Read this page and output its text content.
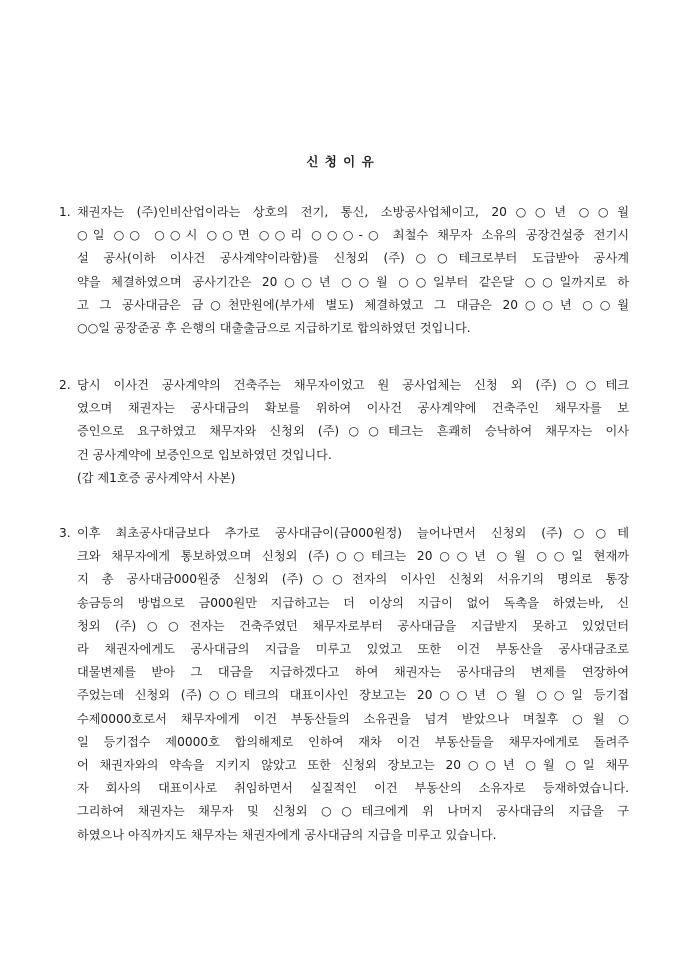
신 청 이 유
1. 채권자는 (주)인비산업이라는 상호의 전기, 통신, 소방공사업체이고, 20○○년 ○○월
○일 ○○ ○○시 ○○면 ○○리 ○○○-○ 최철수 채무자 소유의 공장건설중 전기시
설 공사(이하 이사건 공사계약이라함)를 신청외 (주)○○테크로부터 도급받아 공사계
약을 체결하였으며 공사기간은 20○○년 ○○월 ○○일부터 같은달 ○○일까지로 하
고 그 공사대금은 금○천만원에(부가세 별도) 체결하였고 그 대금은 20○○년 ○○월
○○일 공장준공 후 은행의 대출출금으로 지급하기로 합의하였던 것입니다.
2. 당시 이사건 공사계약의 건축주는 채무자이었고 원 공사업체는 신청 외 (주)○○테크
였으며 채권자는 공사대금의 확보를 위하여 이사건 공사계약에 건축주인 채무자를 보
증인으로 요구하였고 채무자와 신청외 (주)○○테크는 흔쾌히 승낙하여 채무자는 이사
건 공사계약에 보증인으로 입보하였던 것입니다.
(갑 제1호증 공사계약서 사본)
3. 이후 최초공사대금보다 추가로 공사대금이(금000원정) 늘어나면서 신청외 (주)○○테
크와 채무자에게 통보하였으며 신청외 (주)○○테크는 20○○년 ○월 ○○일 현재까
지 총 공사대금000원중 신청외 (주)○○전자의 이사인 신청외 서유기의 명의로 통장
송금등의 방법으로 금000원만 지급하고는 더 이상의 지급이 없어 독촉을 하였는바, 신
청외 (주)○○전자는 건축주였던 채무자로부터 공사대금을 지급받지 못하고 있었던터
라 채권자에게도 공사대금의 지급을 미루고 있었고 또한 이건 부동산을 공사대금조로
대물변제를 받아 그 대금을 지급하겠다고 하여 채권자는 공사대금의 변제를 연장하여
주었는데 신청외 (주)○○테크의 대표이사인 장보고는 20○○년 ○월 ○○일 등기접
수제0000호로서 채무자에게 이건 부동산들의 소유권을 넘겨 받았으나 며칠후 ○월 ○
일 등기접수 제0000호 합의해제로 인하여 재차 이건 부동산들을 채무자에게로 돌려주
어 채권자와의 약속을 지키지 않았고 또한 신청외 장보고는 20○○년 ○월 ○일 채무
자 회사의 대표이사로 취임하면서 실질적인 이건 부동산의 소유자로 등재하였습니다.
그리하여 채권자는 채무자 및 신청외 ○○테크에게 위 나머지 공사대금의 지급을 구
하였으나 아직까지도 채무자는 채권자에게 공사대금의 지급을 미루고 있습니다.
